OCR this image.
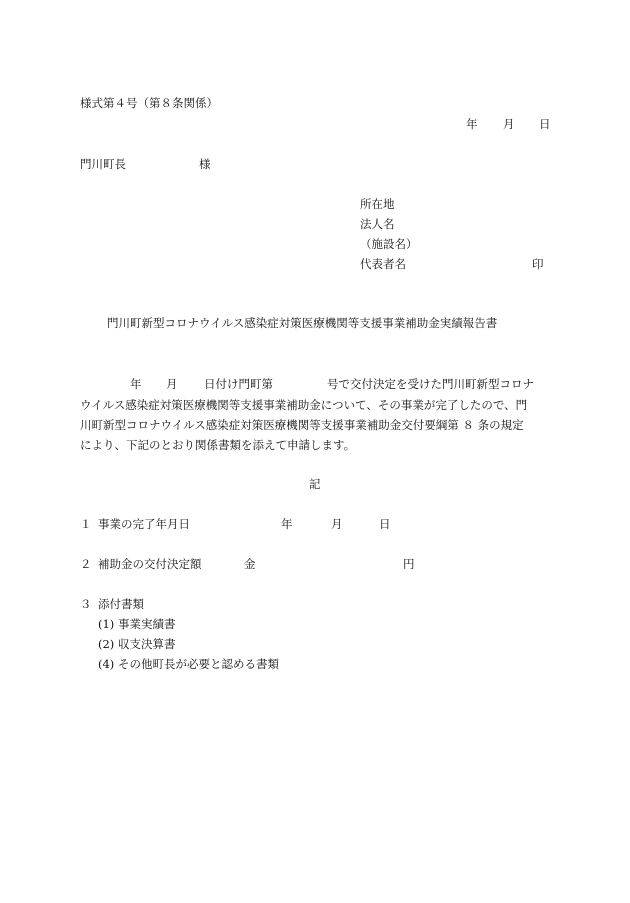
様式第４号（第８条関係）
年 月 日
門川町長	様
所在地
法人名
（施設名）
代表者名	印
門川町新型コロナウイルス感染症対策医療機関等支援事業補助金実績報告書
年 月 日付け門町第	号で交付決定を受けた門川町新型コロナ
ウイルス感染症対策医療機関等支援事業補助金について、その事業が完了したので、門
川町新型コロナウイルス感染症対策医療機関等支援事業補助金交付要綱第 ８ 条の規定
により、下記のとおり関係書類を添えて申請します。
記
１ 事業の完了年月日	年	月	日
２ 補助金の交付決定額	金	円
３ 添付書類
(1) 事業実績書
(2) 収支決算書
(4) その他町長が必要と認める書類
